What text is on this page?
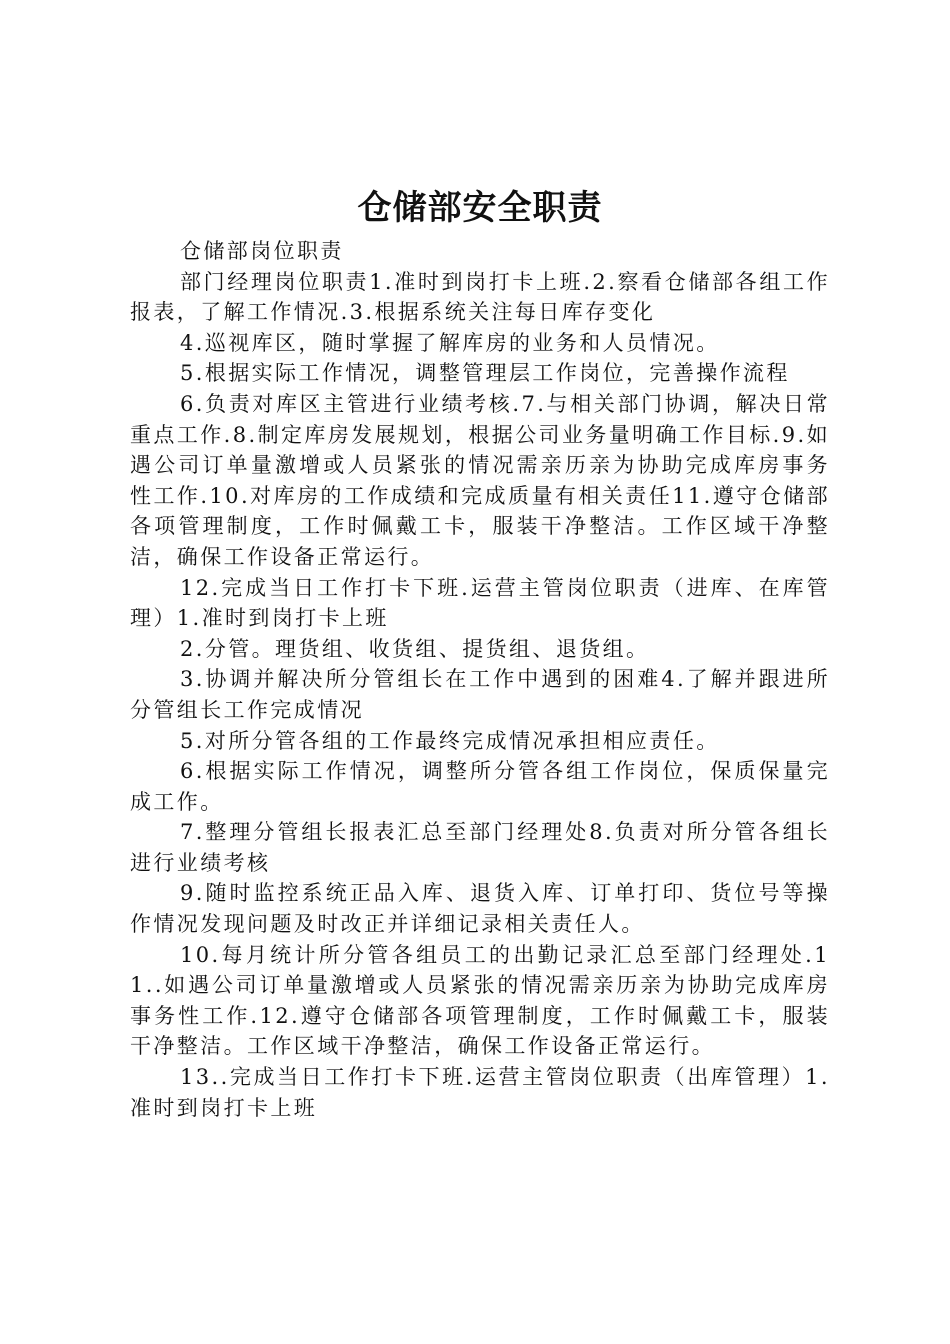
仓储部安全职责

仓储部岗位职责

部门经理岗位职责1.准时到岗打卡上班.2.察看仓储部各组工作报表，了解工作情况.3.根据系统关注每日库存变化

4.巡视库区，随时掌握了解库房的业务和人员情况。

5.根据实际工作情况，调整管理层工作岗位，完善操作流程

6.负责对库区主管进行业绩考核.7.与相关部门协调，解决日常重点工作.8.制定库房发展规划，根据公司业务量明确工作目标.9.如遇公司订单量激增或人员紧张的情况需亲历亲为协助完成库房事务性工作.10.对库房的工作成绩和完成质量有相关责任11.遵守仓储部各项管理制度，工作时佩戴工卡，服装干净整洁。工作区域干净整洁，确保工作设备正常运行。

12.完成当日工作打卡下班.运营主管岗位职责（进库、在库管理）1.准时到岗打卡上班

2.分管。理货组、收货组、提货组、退货组。

3.协调并解决所分管组长在工作中遇到的困难4.了解并跟进所分管组长工作完成情况

5.对所分管各组的工作最终完成情况承担相应责任。

6.根据实际工作情况，调整所分管各组工作岗位，保质保量完成工作。

7.整理分管组长报表汇总至部门经理处8.负责对所分管各组长进行业绩考核

9.随时监控系统正品入库、退货入库、订单打印、货位号等操作情况发现问题及时改正并详细记录相关责任人。

10.每月统计所分管各组员工的出勤记录汇总至部门经理处.11..如遇公司订单量激增或人员紧张的情况需亲历亲为协助完成库房事务性工作.12.遵守仓储部各项管理制度，工作时佩戴工卡，服装干净整洁。工作区域干净整洁，确保工作设备正常运行。

13..完成当日工作打卡下班.运营主管岗位职责（出库管理）1.准时到岗打卡上班
